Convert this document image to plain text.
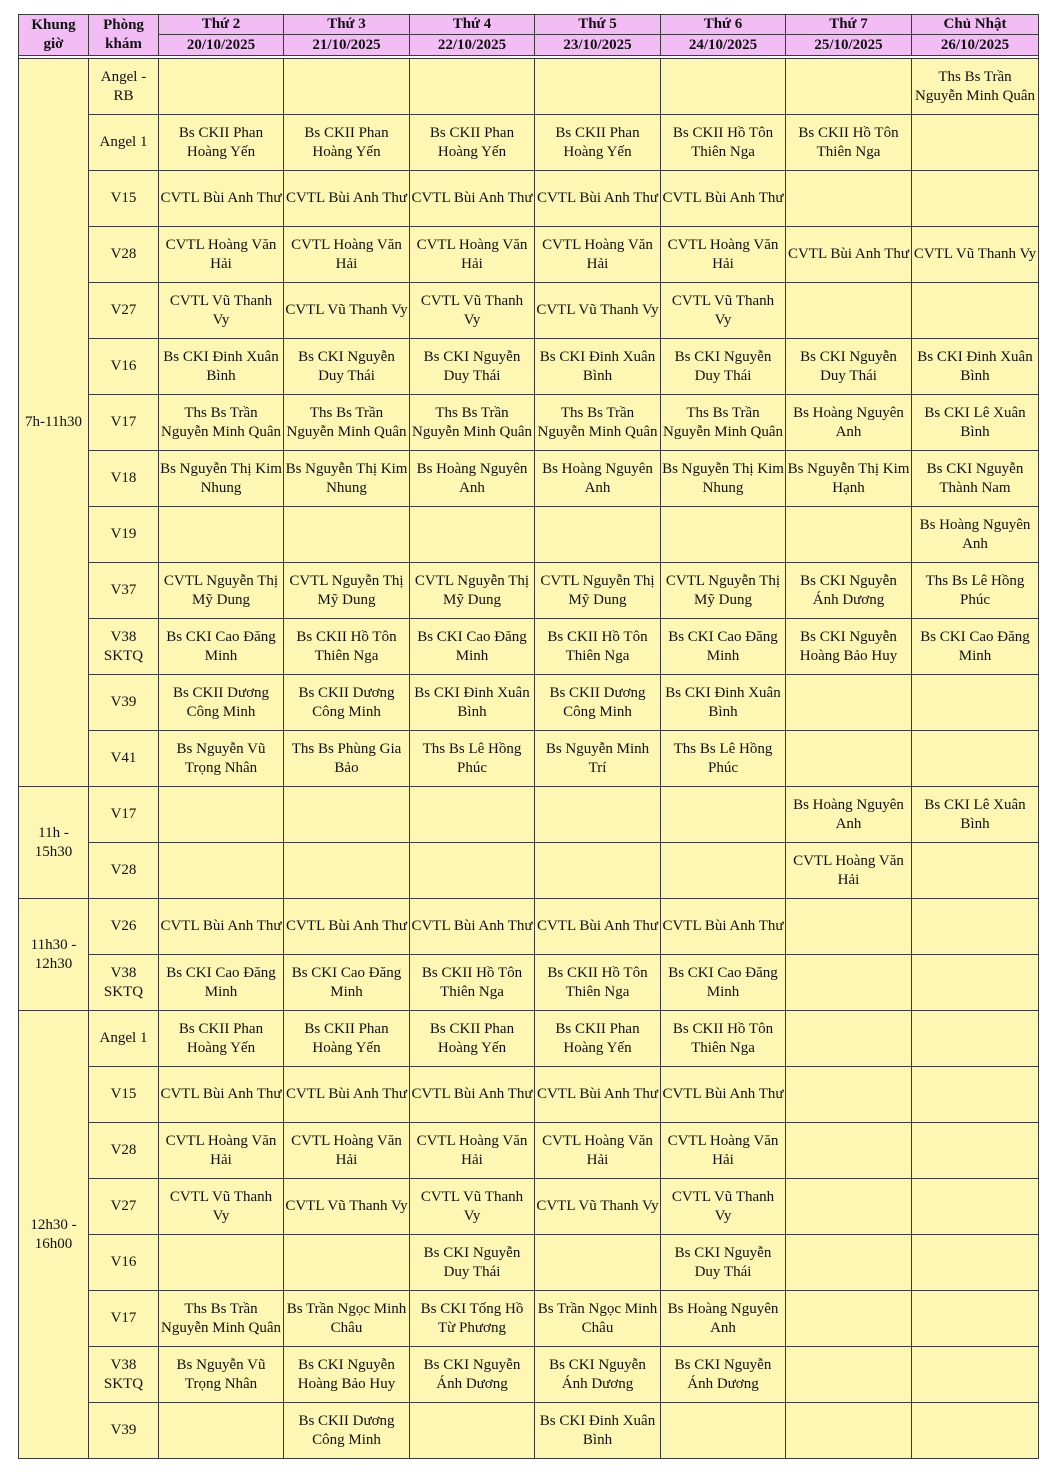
Khung giờ	Phòng khám	Thứ 2	Thứ 3	Thứ 4	Thứ 5	Thứ 6	Thứ 7	Chủ Nhật
		20/10/2025	21/10/2025	22/10/2025	23/10/2025	24/10/2025	25/10/2025	26/10/2025

7h-11h30	Angel - RB							Ths Bs Trần Nguyễn Minh Quân
	Angel 1	Bs CKII Phan Hoàng Yến	Bs CKII Phan Hoàng Yến	Bs CKII Phan Hoàng Yến	Bs CKII Phan Hoàng Yến	Bs CKII Hồ Tôn Thiên Nga	Bs CKII Hồ Tôn Thiên Nga	
	V15	CVTL Bùi Anh Thư	CVTL Bùi Anh Thư	CVTL Bùi Anh Thư	CVTL Bùi Anh Thư	CVTL Bùi Anh Thư		
	V28	CVTL Hoàng Văn Hải	CVTL Hoàng Văn Hải	CVTL Hoàng Văn Hải	CVTL Hoàng Văn Hải	CVTL Hoàng Văn Hải	CVTL Bùi Anh Thư	CVTL Vũ Thanh Vy
	V27	CVTL Vũ Thanh Vy	CVTL Vũ Thanh Vy	CVTL Vũ Thanh Vy	CVTL Vũ Thanh Vy	CVTL Vũ Thanh Vy		
	V16	Bs CKI Đinh Xuân Bình	Bs CKI Nguyễn Duy Thái	Bs CKI Nguyễn Duy Thái	Bs CKI Đinh Xuân Bình	Bs CKI Nguyễn Duy Thái	Bs CKI Nguyễn Duy Thái	Bs CKI Đinh Xuân Bình
	V17	Ths Bs Trần Nguyễn Minh Quân	Ths Bs Trần Nguyễn Minh Quân	Ths Bs Trần Nguyễn Minh Quân	Ths Bs Trần Nguyễn Minh Quân	Ths Bs Trần Nguyễn Minh Quân	Bs Hoàng Nguyên Anh	Bs CKI Lê Xuân Bình
	V18	Bs Nguyễn Thị Kim Nhung	Bs Nguyễn Thị Kim Nhung	Bs Hoàng Nguyên Anh	Bs Hoàng Nguyên Anh	Bs Nguyễn Thị Kim Nhung	Bs Nguyễn Thị Kim Hạnh	Bs CKI Nguyễn Thành Nam
	V19							Bs Hoàng Nguyên Anh
	V37	CVTL Nguyễn Thị Mỹ Dung	CVTL Nguyễn Thị Mỹ Dung	CVTL Nguyễn Thị Mỹ Dung	CVTL Nguyễn Thị Mỹ Dung	CVTL Nguyễn Thị Mỹ Dung	Bs CKI Nguyễn Ánh Dương	Ths Bs Lê Hồng Phúc
	V38 SKTQ	Bs CKI Cao Đăng Minh	Bs CKII Hồ Tôn Thiên Nga	Bs CKI Cao Đăng Minh	Bs CKII Hồ Tôn Thiên Nga	Bs CKI Cao Đăng Minh	Bs CKI Nguyễn Hoàng Bảo Huy	Bs CKI Cao Đăng Minh
	V39	Bs CKII Dương Công Minh	Bs CKII Dương Công Minh	Bs CKI Đinh Xuân Bình	Bs CKII Dương Công Minh	Bs CKI Đinh Xuân Bình		
	V41	Bs Nguyễn Vũ Trọng Nhân	Ths Bs Phùng Gia Bảo	Ths Bs Lê Hồng Phúc	Bs Nguyễn Minh Trí	Ths Bs Lê Hồng Phúc		
11h - 15h30	V17						Bs Hoàng Nguyên Anh	Bs CKI Lê Xuân Bình
	V28						CVTL Hoàng Văn Hải	
11h30 - 12h30	V26	CVTL Bùi Anh Thư	CVTL Bùi Anh Thư	CVTL Bùi Anh Thư	CVTL Bùi Anh Thư	CVTL Bùi Anh Thư		
	V38 SKTQ	Bs CKI Cao Đăng Minh	Bs CKI Cao Đăng Minh	Bs CKII Hồ Tôn Thiên Nga	Bs CKII Hồ Tôn Thiên Nga	Bs CKI Cao Đăng Minh		
12h30 - 16h00	Angel 1	Bs CKII Phan Hoàng Yến	Bs CKII Phan Hoàng Yến	Bs CKII Phan Hoàng Yến	Bs CKII Phan Hoàng Yến	Bs CKII Hồ Tôn Thiên Nga		
	V15	CVTL Bùi Anh Thư	CVTL Bùi Anh Thư	CVTL Bùi Anh Thư	CVTL Bùi Anh Thư	CVTL Bùi Anh Thư		
	V28	CVTL Hoàng Văn Hải	CVTL Hoàng Văn Hải	CVTL Hoàng Văn Hải	CVTL Hoàng Văn Hải	CVTL Hoàng Văn Hải		
	V27	CVTL Vũ Thanh Vy	CVTL Vũ Thanh Vy	CVTL Vũ Thanh Vy	CVTL Vũ Thanh Vy	CVTL Vũ Thanh Vy		
	V16			Bs CKI Nguyễn Duy Thái		Bs CKI Nguyễn Duy Thái		
	V17	Ths Bs Trần Nguyễn Minh Quân	Bs Trần Ngọc Minh Châu	Bs CKI Tống Hồ Từ Phương	Bs Trần Ngọc Minh Châu	Bs Hoàng Nguyên Anh		
	V38 SKTQ	Bs Nguyễn Vũ Trọng Nhân	Bs CKI Nguyễn Hoàng Bảo Huy	Bs CKI Nguyễn Ánh Dương	Bs CKI Nguyễn Ánh Dương	Bs CKI Nguyễn Ánh Dương		
	V39		Bs CKII Dương Công Minh		Bs CKI Đinh Xuân Bình			
